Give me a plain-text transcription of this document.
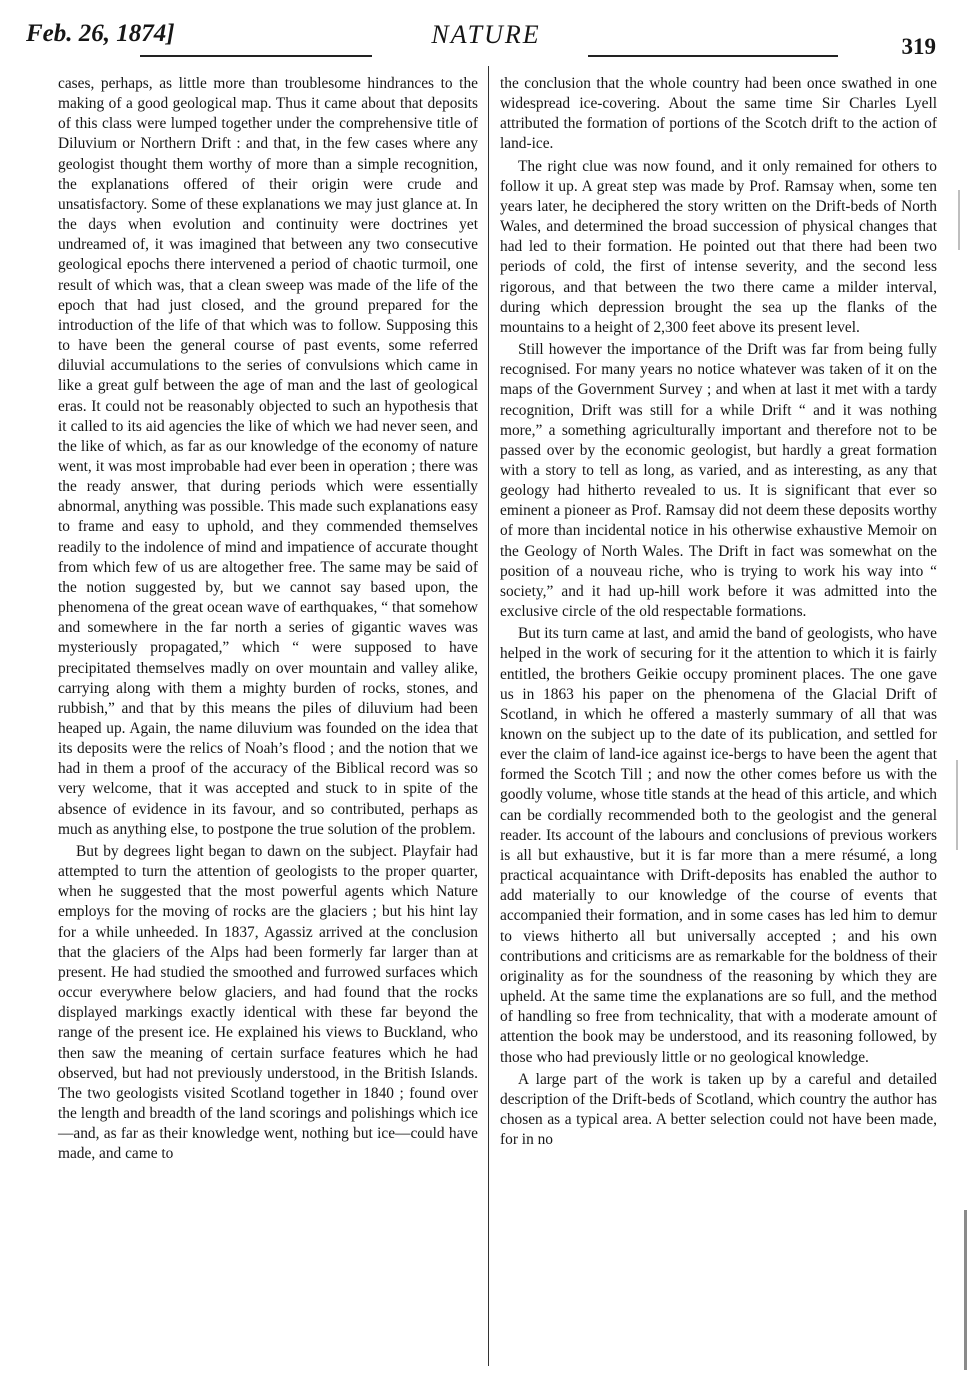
Feb. 26, 1874]	NATURE	319

cases, perhaps, as little more than troublesome hindrances to the making of a good geological map. Thus it came about that deposits of this class were lumped together under the comprehensive title of Diluvium or Northern Drift : and that, in the few cases where any geologist thought them worthy of more than a simple recognition, the explanations offered of their origin were crude and unsatisfactory. Some of these explanations we may just glance at. In the days when evolution and continuity were doctrines yet undreamed of, it was imagined that between any two consecutive geological epochs there intervened a period of chaotic turmoil, one result of which was, that a clean sweep was made of the life of the epoch that had just closed, and the ground prepared for the introduction of the life of that which was to follow. Supposing this to have been the general course of past events, some referred diluvial accumulations to the series of convulsions which came in like a great gulf between the age of man and the last of geological eras. It could not be reasonably objected to such an hypothesis that it called to its aid agencies the like of which we had never seen, and the like of which, as far as our knowledge of the economy of nature went, it was most improbable had ever been in operation ; there was the ready answer, that during periods which were essentially abnormal, anything was possible. This made such explanations easy to frame and easy to uphold, and they commended themselves readily to the indolence of mind and impatience of accurate thought from which few of us are altogether free. The same may be said of the notion suggested by, but we cannot say based upon, the phenomena of the great ocean wave of earthquakes, “ that somehow and somewhere in the far north a series of gigantic waves was mysteriously propagated,” which “ were supposed to have precipitated themselves madly on over mountain and valley alike, carrying along with them a mighty burden of rocks, stones, and rubbish,” and that by this means the piles of diluvium had been heaped up. Again, the name diluvium was founded on the idea that its deposits were the relics of Noah’s flood ; and the notion that we had in them a proof of the accuracy of the Biblical record was so very welcome, that it was accepted and stuck to in spite of the absence of evidence in its favour, and so contributed, perhaps as much as anything else, to postpone the true solution of the problem.

But by degrees light began to dawn on the subject. Playfair had attempted to turn the attention of geologists to the proper quarter, when he suggested that the most powerful agents which Nature employs for the moving of rocks are the glaciers ; but his hint lay for a while unheeded. In 1837, Agassiz arrived at the conclusion that the glaciers of the Alps had been formerly far larger than at present. He had studied the smoothed and furrowed surfaces which occur everywhere below glaciers, and had found that the rocks displayed markings exactly identical with these far beyond the range of the present ice. He explained his views to Buckland, who then saw the meaning of certain surface features which he had observed, but had not previously understood, in the British Islands. The two geologists visited Scotland together in 1840 ; found over the length and breadth of the land scorings and polishings which ice—and, as far as their knowledge went, nothing but ice—could have made, and came to

the conclusion that the whole country had been once swathed in one widespread ice-covering. About the same time Sir Charles Lyell attributed the formation of portions of the Scotch drift to the action of land-ice.

The right clue was now found, and it only remained for others to follow it up. A great step was made by Prof. Ramsay when, some ten years later, he deciphered the story written on the Drift-beds of North Wales, and determined the broad succession of physical changes that had led to their formation. He pointed out that there had been two periods of cold, the first of intense severity, and the second less rigorous, and that between the two there came a milder interval, during which depression brought the sea up the flanks of the mountains to a height of 2,300 feet above its present level.

Still however the importance of the Drift was far from being fully recognised. For many years no notice whatever was taken of it on the maps of the Government Survey ; and when at last it met with a tardy recognition, Drift was still for a while Drift “ and it was nothing more,” a something agriculturally important and therefore not to be passed over by the economic geologist, but hardly a great formation with a story to tell as long, as varied, and as interesting, as any that geology had hitherto revealed to us. It is significant that ever so eminent a pioneer as Prof. Ramsay did not deem these deposits worthy of more than incidental notice in his otherwise exhaustive Memoir on the Geology of North Wales. The Drift in fact was somewhat on the position of a nouveau riche, who is trying to work his way into “ society,” and it had up-hill work before it was admitted into the exclusive circle of the old respectable formations.

But its turn came at last, and amid the band of geologists, who have helped in the work of securing for it the attention to which it is fairly entitled, the brothers Geikie occupy prominent places. The one gave us in 1863 his paper on the phenomena of the Glacial Drift of Scotland, in which he offered a masterly summary of all that was known on the subject up to the date of its publication, and settled for ever the claim of land-ice against ice-bergs to have been the agent that formed the Scotch Till ; and now the other comes before us with the goodly volume, whose title stands at the head of this article, and which can be cordially recommended both to the geologist and the general reader. Its account of the labours and conclusions of previous workers is all but exhaustive, but it is far more than a mere résumé, a long practical acquaintance with Drift-deposits has enabled the author to add materially to our knowledge of the course of events that accompanied their formation, and in some cases has led him to demur to views hitherto all but universally accepted ; and his own contributions and criticisms are as remarkable for the boldness of their originality as for the soundness of the reasoning by which they are upheld. At the same time the explanations are so full, and the method of handling so free from technicality, that with a moderate amount of attention the book may be understood, and its reasoning followed, by those who had previously little or no geological knowledge.

A large part of the work is taken up by a careful and detailed description of the Drift-beds of Scotland, which country the author has chosen as a typical area. A better selection could not have been made, for in no
